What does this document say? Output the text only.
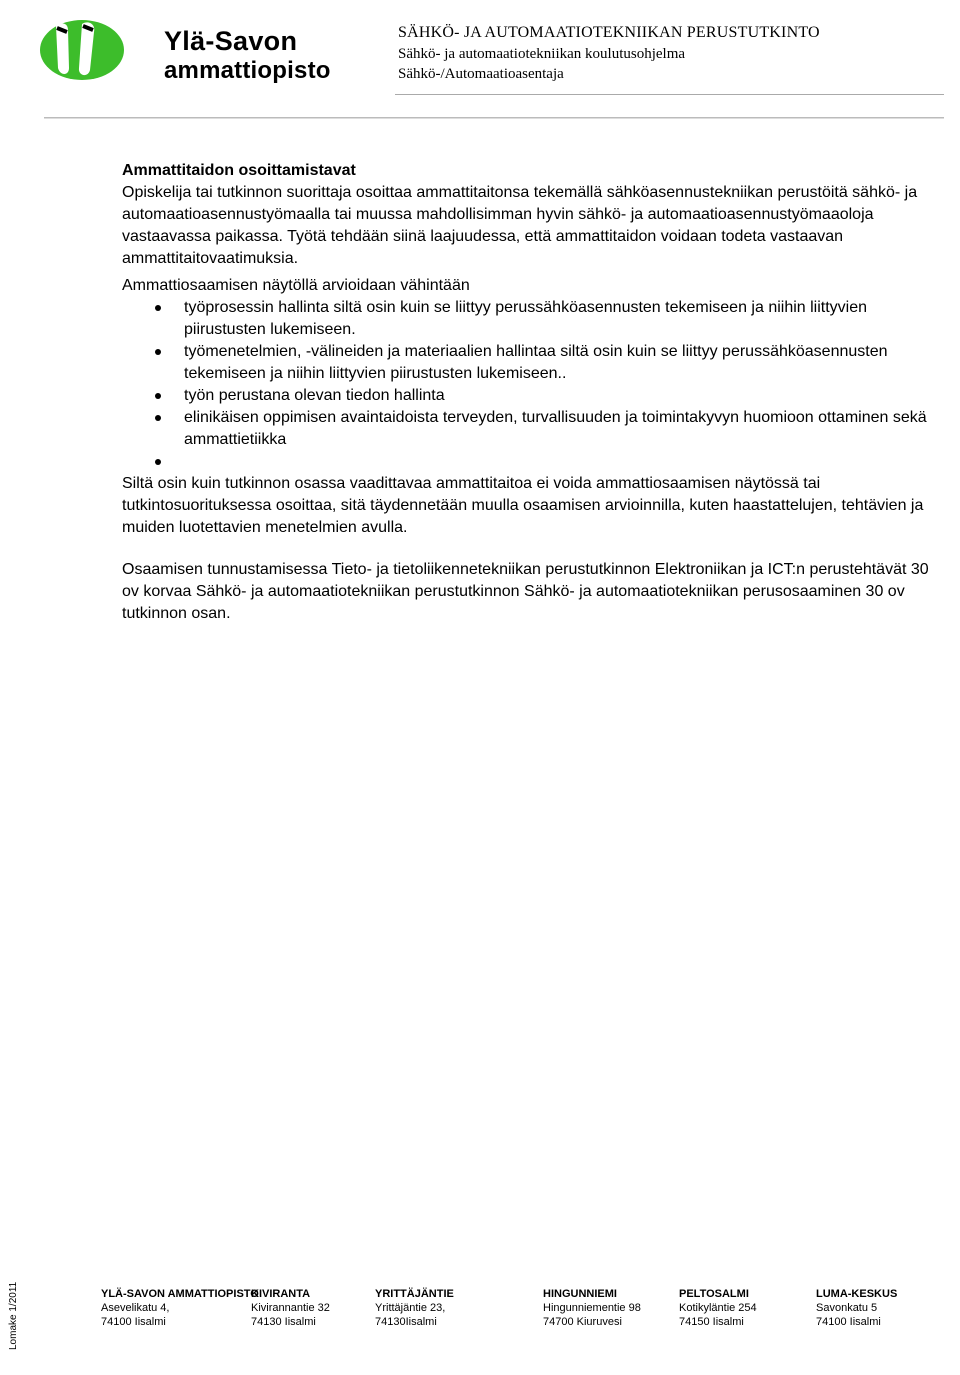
Ylä-Savon
ammattiopisto
SÄHKÖ- JA AUTOMAATIOTEKNIIKAN PERUSTUTKINTO
Sähkö- ja automaatiotekniikan koulutusohjelma
Sähkö-/Automaatioasentaja
Ammattitaidon osoittamistavat

Opiskelija tai tutkinnon suorittaja osoittaa ammattitaitonsa tekemällä sähköasennustekniikan perustöitä sähkö- ja automaatioasennustyömaalla tai muussa mahdollisimman hyvin sähkö- ja automaatioasennustyömaaoloja vastaavassa paikassa. Työtä tehdään siinä laajuudessa, että ammattitaidon voidaan todeta vastaavan ammattitaitovaatimuksia.

Ammattiosaamisen näytöllä arvioidaan vähintään

työprosessin hallinta siltä osin kuin se liittyy perussähköasennusten tekemiseen ja niihin liittyvien piirustusten lukemiseen.
työmenetelmien, -välineiden ja materiaalien hallintaa siltä osin kuin se liittyy perussähköasennusten tekemiseen ja niihin liittyvien piirustusten lukemiseen..
työn perustana olevan tiedon hallinta
elinikäisen oppimisen avaintaidoista terveyden, turvallisuuden ja toimintakyvyn huomioon ottaminen sekä ammattietiikka

Siltä osin kuin tutkinnon osassa vaadittavaa ammattitaitoa ei voida ammattiosaamisen näytössä tai tutkintosuorituksessa osoittaa, sitä täydennetään muulla osaamisen arvioinnilla, kuten haastattelujen, tehtävien ja muiden luotettavien menetelmien avulla.

Osaamisen tunnustamisessa Tieto- ja tietoliikennetekniikan perustutkinnon Elektroniikan ja ICT:n perustehtävät 30 ov korvaa Sähkö- ja automaatiotekniikan perustutkinnon Sähkö- ja automaatiotekniikan perusosaaminen 30 ov tutkinnon osan.

Lomake 1/2011	YLÄ-SAVON AMMATTIOPISTO
Asevelikatu 4,
74100 Iisalmi
KIVIRANTA
Kivirannantie 32
74130 Iisalmi
YRITTÄJÄNTIE
Yrittäjäntie 23,
74130Iisalmi
HINGUNNIEMI
Hingunniementie 98
74700 Kiuruvesi
PELTOSALMI
Kotikyläntie 254
74150 Iisalmi
LUMA-KESKUS
Savonkatu 5
74100 Iisalmi
